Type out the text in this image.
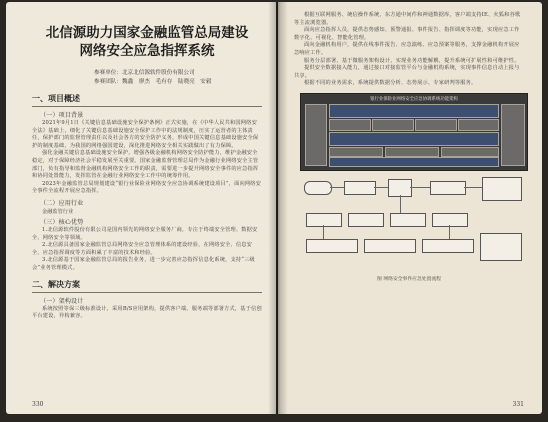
北信源助力国家金融监管总局建设
网络安全应急指挥系统
参赛单位：北京北信源软件股份有限公司
参赛团队：魏鑫　廖杰　毛有存　陆晓亮　安毅
一、项目概述
（一）项目背景

2021年9月1日《关键信息基础设施安全保护条例》正式实施，在《中华人民共和国网络安全法》基础上，细化了关键信息基础设施安全保护工作中的法规制度，压实了运营者的主体责任，保护部门的监督管理责任以及社会各方的安全防护义务，形成中国关键信息基础设施安全保护的制度基础，为我国的网络强国建设，深化推进网络安全相关实践做出了有力保障。

强化金融关键信息基础设施安全保护，增强各级金融机构网络安全防护能力，维护金融安全稳定，对于保障经济社会平稳发展至关重要。国家金融监督管理总局作为金融行业网络安全主管部门，负有指导和监督金融机构网络安全工作的职责，需要进一步提升网络安全事件的应急指挥和协同处置能力，发挥监管在金融行业网络安全工作中的统筹作用。

2023年金融监管总局规划建设“银行业保险业网络安全应急协调系统建设项目”，面向网络安全事件全流程开展应急指挥。

（二）应用行业
金融监管行业
（三）核心优势

1.北信源软件股份有限公司是国内领先的网络安全服务厂商，专注于终端安全管理、数据安全、网络安全等领域。

2.北信源具备国家金融监管总局网络安全应急管理体系的建设经验，在网络安全、信息安全、应急指挥调度等方面积累了丰富的技术和经验。

3.北信源基于国家金融监管总局的报告业务，进一步完善应急指挥信息化系统，支持“三级会”业务管理模式。

二、解决方案
（一）架构设计

系统按照等保三级标准设计，采用B/S应用架构，提供客户端、服务端等部署方式，基于信创平台建设，异构兼容。

330

根据互联网服务、统信操作系统、东方通中间件和神通数据库，客户端支持IE、火狐和谷歌等主流浏览器。

面向应急指挥人员，提供态势感知、预警通报、事件报告、指挥调度等功能，实现应急工作数字化、可视化、智能化管理。

面向金融机构用户，提供在线事件报告、应急演练、应急预案等服务，支撑金融机构开展应急响应工作。

服务分层部署，基于微服务架构设计，实现业务功能解耦，提升系统可扩展性和可维护性。

提供安全数据接入能力，通过接口对接监管平台与金融机构系统，实现事件信息自动上报与共享。

根据不同的业务需求，系统提供数据分析、态势展示、专家研判等服务。

银行业保险业网络安全应急协调系统功能架构
图 网络安全事件应急处置流程
331
